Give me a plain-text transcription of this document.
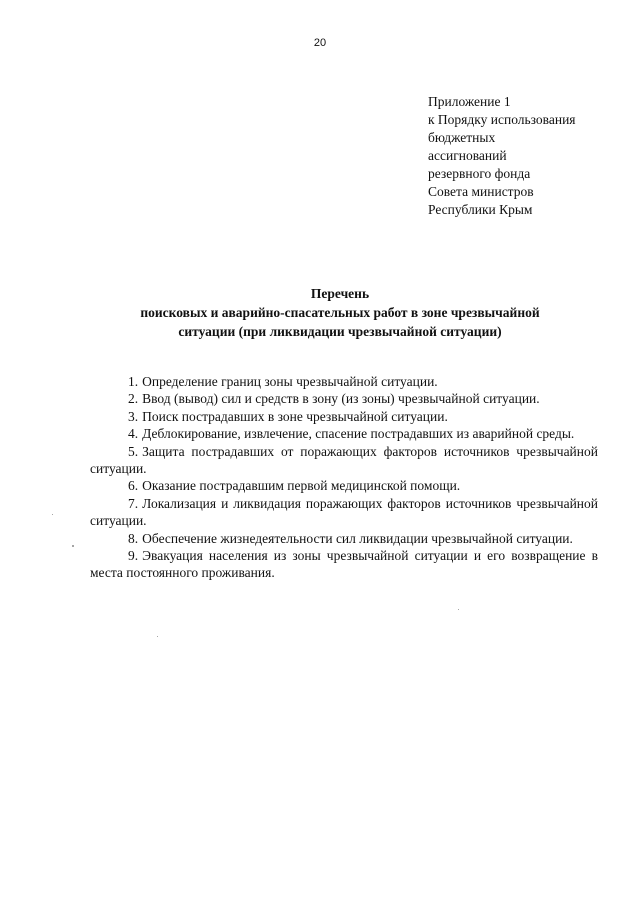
20
Приложение 1
к Порядку использования
бюджетных
ассигнований
резервного фонда
Совета министров
Республики Крым
Перечень
поисковых и аварийно-спасательных работ в зоне чрезвычайной
ситуации (при ликвидации чрезвычайной ситуации)

1. Определение границ зоны чрезвычайной ситуации.

2. Ввод (вывод) сил и средств в зону (из зоны) чрезвычайной ситуации.

3. Поиск пострадавших в зоне чрезвычайной ситуации.

4. Деблокирование, извлечение, спасение пострадавших из аварийной среды.

5. Защита пострадавших от поражающих факторов источников чрезвычайной ситуации.

6. Оказание пострадавшим первой медицинской помощи.

7. Локализация и ликвидация поражающих факторов источников чрезвычайной ситуации.

8. Обеспечение жизнедеятельности сил ликвидации чрезвычайной ситуации.

9. Эвакуация населения из зоны чрезвычайной ситуации и его возвращение в места постоянного проживания.
